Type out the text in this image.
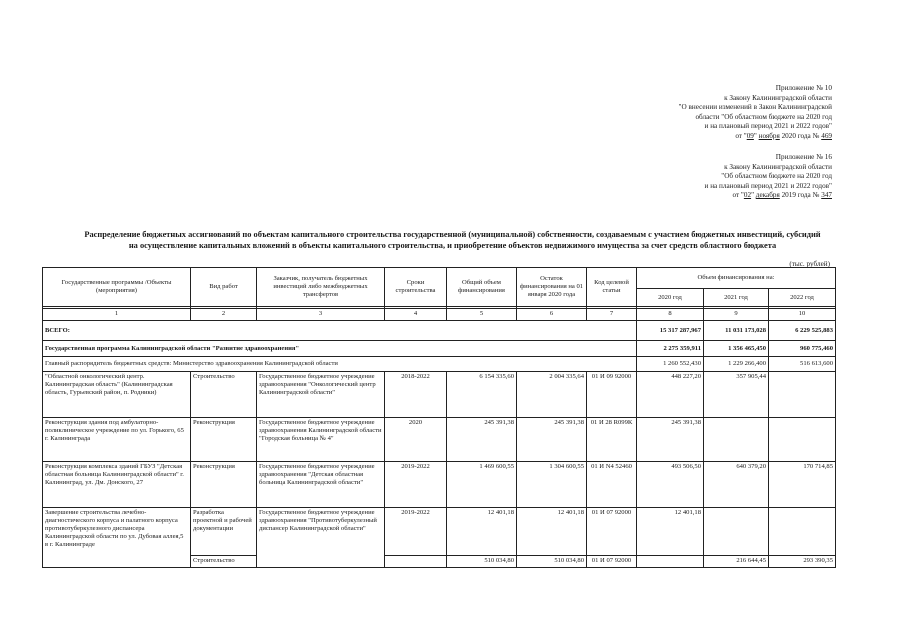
Приложение № 10
к Закону Калининградской области
"О внесении изменений в Закон Калининградской
области "Об областном бюджете на 2020 год
и на плановый период 2021 и 2022 годов"
от "09" ноября 2020 года № 469
Приложение № 16
к Закону Калининградской области
"Об областном бюджете на 2020 год
и на плановый период 2021 и 2022 годов"
от "02" декабря 2019 года № 347
Распределение бюджетных ассигнований по объектам капитального строительства государственной (муниципальной) собственности, создаваемым с участием бюджетных инвестиций, субсидий
на осуществление капитальных вложений в объекты капитального строительства, и приобретение объектов недвижимого имущества за счет средств областного бюджета
(тыс. рублей)
Государственные программы /Объекты (мероприятия)	Вид работ	Заказчик, получатель бюджетных инвестиций либо межбюджетных трансфертов	Сроки строительства	Общий объем финансирования	Остаток финансирования на 01 января 2020 года	Код целевой статьи	Объем финансирования на:		
							2020 год	2021 год	2022 год

1	2	3	4	5	6	7	8	9	10
ВСЕГО:							15 317 287,967	11 031 173,028	6 229 525,883
Государственная программа Калининградской области "Развитие здравоохранения"							2 275 359,911	1 356 465,450	960 775,460
Главный распорядитель бюджетных средств: Министерство здравоохранения Калининградской области							1 260 552,430	1 229 266,400	516 613,600
"Областной онкологический центр. Калининградская область" (Калининградская область, Гурьевский район, п. Родники)	Строительство	Государственное бюджетное учреждение здравоохранения "Онкологический центр Калининградской области"	2018-2022	6 154 335,60	2 004 335,64	01 И 09 92000	448 227,20	357 905,44	
Реконструкция здания под амбулаторно-поликлиническое учреждение по ул. Горького, 65 г. Калининграда	Реконструкция	Государственное бюджетное учреждение здравоохранения Калининградской области "Городская больница № 4"	2020	245 391,38	245 391,38	01 И 28 R099К	245 391,38		
Реконструкция комплекса зданий ГБУЗ "Детская областная больница Калининградской области" г. Калининград, ул. Дм. Донского, 27	Реконструкция	Государственное бюджетное учреждение здравоохранения "Детская областная больница Калининградской области"	2019-2022	1 469 600,55	1 304 600,55	01 И N4 52460	493 506,50	640 379,20	170 714,85
Завершение строительства лечебно-диагностического корпуса и палатного корпуса противотуберкулезного диспансера Калининградской области по ул. Дубовая аллея,5 в г. Калининграде	Разработка проектной и рабочей документации	Государственное бюджетное учреждение здравоохранения "Противотуберкулезный диспансер Калининградской области"	2019-2022	12 401,18	12 401,18	01 И 07 92000	12 401,18		
	Строительство			510 034,80	510 034,80	01 И 07 92000		216 644,45	293 390,35
